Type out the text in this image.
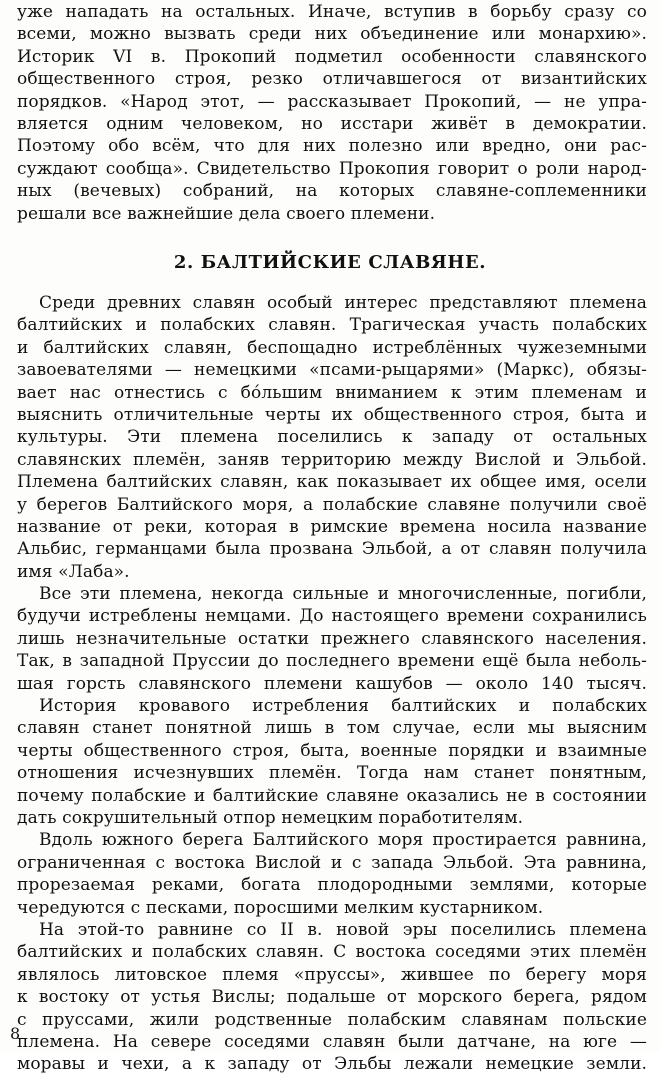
уже нападать на остальных. Иначе, вступив в борьбу сразу со
всеми, можно вызвать среди них объединение или монархию».
Историк VI в. Прокопий подметил особенности славянского
общественного строя, резко отличавшегося от византийских
порядков. «Народ этот, — рассказывает Прокопий, — не упра-
вляется одним человеком, но исстари живёт в демократии.
Поэтому обо всём, что для них полезно или вредно, они рас-
суждают сообща». Свидетельство Прокопия говорит о роли народ-
ных (вечевых) собраний, на которых славяне-соплеменники
решали все важнейшие дела своего племени.
2. БАЛТИЙСКИЕ СЛАВЯНЕ.
Среди древних славян особый интерес представляют племена
балтийских и полабских славян. Трагическая участь полабских
и балтийских славян, беспощадно истреблённых чужеземными
завоевателями — немецкими «псами-рыцарями» (Маркс), обязы-
вает нас отнестись с бо́льшим вниманием к этим племенам и
выяснить отличительные черты их общественного строя, быта и
культуры. Эти племена поселились к западу от остальных
славянских племён, заняв территорию между Вислой и Эльбой.
Племена балтийских славян, как показывает их общее имя, осели
у берегов Балтийского моря, а полабские славяне получили своё
название от реки, которая в римские времена носила название
Альбис, германцами была прозвана Эльбой, а от славян получила
имя «Лаба».
Все эти племена, некогда сильные и многочисленные, погибли,
будучи истреблены немцами. До настоящего времени сохранились
лишь незначительные остатки прежнего славянского населения.
Так, в западной Пруссии до последнего времени ещё была неболь-
шая горсть славянского племени кашубов — около 140 тысяч.
История кровавого истребления балтийских и полабских
славян станет понятной лишь в том случае, если мы выясним
черты общественного строя, быта, военные порядки и взаимные
отношения исчезнувших племён. Тогда нам станет понятным,
почему полабские и балтийские славяне оказались не в состоянии
дать сокрушительный отпор немецким поработителям.
Вдоль южного берега Балтийского моря простирается равнина,
ограниченная с востока Вислой и с запада Эльбой. Эта равнина,
прорезаемая реками, богата плодородными землями, которые
чередуются с песками, поросшими мелким кустарником.
На этой-то равнине со II в. новой эры поселились племена
балтийских и полабских славян. С востока соседями этих племён
являлось литовское племя «пруссы», жившее по берегу моря
к востоку от устья Вислы; подальше от морского берега, рядом
с пруссами, жили родственные полабским славянам польские
племена. На севере соседями славян были датчане, на юге —
моравы и чехи, а к западу от Эльбы лежали немецкие земли.
8
